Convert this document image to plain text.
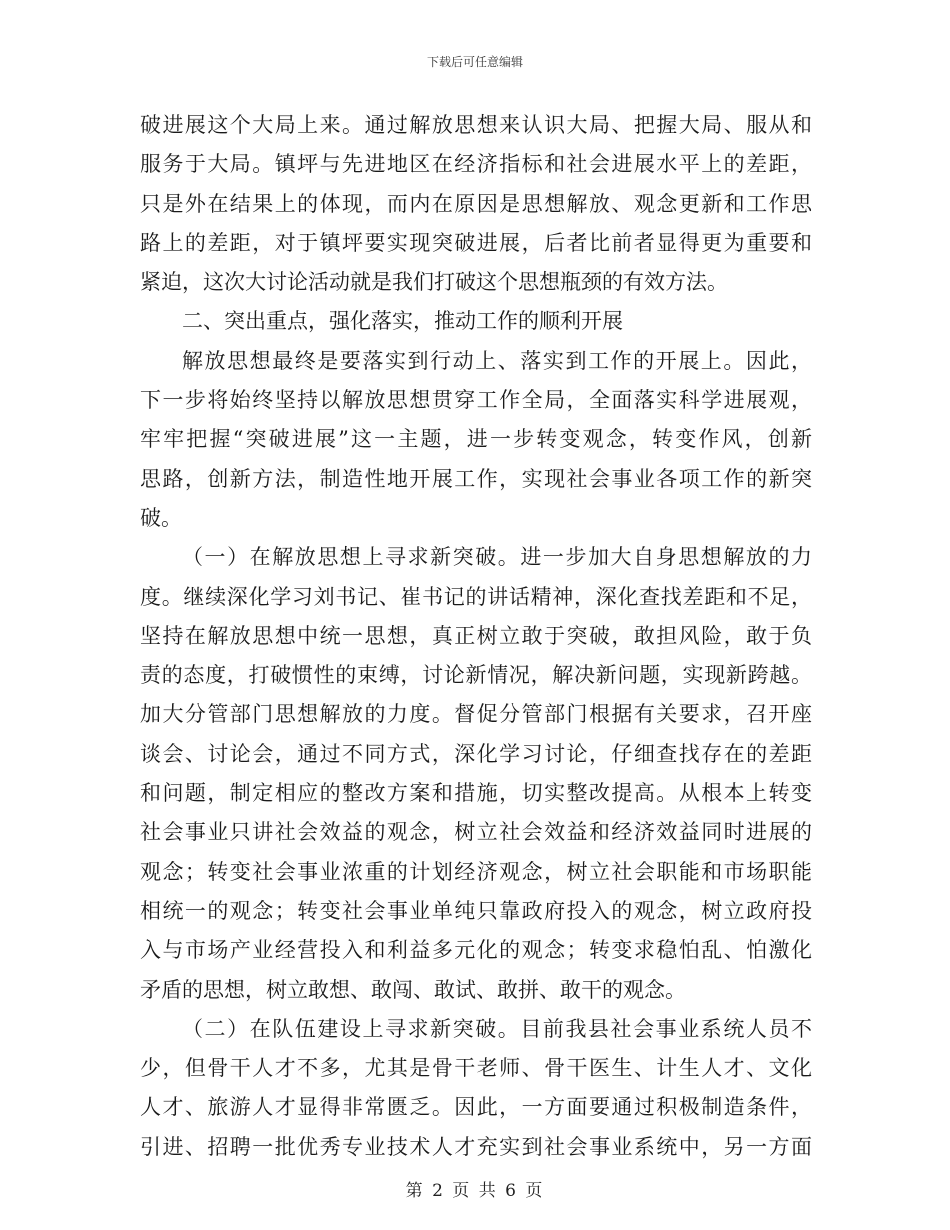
下载后可任意编辑
破进展这个大局上来。通过解放思想来认识大局、把握大局、服从和
服务于大局。镇坪与先进地区在经济指标和社会进展水平上的差距，
只是外在结果上的体现，而内在原因是思想解放、观念更新和工作思
路上的差距，对于镇坪要实现突破进展，后者比前者显得更为重要和
紧迫，这次大讨论活动就是我们打破这个思想瓶颈的有效方法。
二、突出重点，强化落实，推动工作的顺利开展
解放思想最终是要落实到行动上、落实到工作的开展上。因此，
下一步将始终坚持以解放思想贯穿工作全局，全面落实科学进展观，
牢牢把握“突破进展”这一主题，进一步转变观念，转变作风，创新
思路，创新方法，制造性地开展工作，实现社会事业各项工作的新突
破。
（一）在解放思想上寻求新突破。进一步加大自身思想解放的力
度。继续深化学习刘书记、崔书记的讲话精神，深化查找差距和不足，
坚持在解放思想中统一思想，真正树立敢于突破，敢担风险，敢于负
责的态度，打破惯性的束缚，讨论新情况，解决新问题，实现新跨越。
加大分管部门思想解放的力度。督促分管部门根据有关要求，召开座
谈会、讨论会，通过不同方式，深化学习讨论，仔细查找存在的差距
和问题，制定相应的整改方案和措施，切实整改提高。从根本上转变
社会事业只讲社会效益的观念，树立社会效益和经济效益同时进展的
观念；转变社会事业浓重的计划经济观念，树立社会职能和市场职能
相统一的观念；转变社会事业单纯只靠政府投入的观念，树立政府投
入与市场产业经营投入和利益多元化的观念；转变求稳怕乱、怕激化
矛盾的思想，树立敢想、敢闯、敢试、敢拼、敢干的观念。
（二）在队伍建设上寻求新突破。目前我县社会事业系统人员不
少，但骨干人才不多，尤其是骨干老师、骨干医生、计生人才、文化
人才、旅游人才显得非常匮乏。因此，一方面要通过积极制造条件，
引进、招聘一批优秀专业技术人才充实到社会事业系统中，另一方面
第 2 页 共 6 页
